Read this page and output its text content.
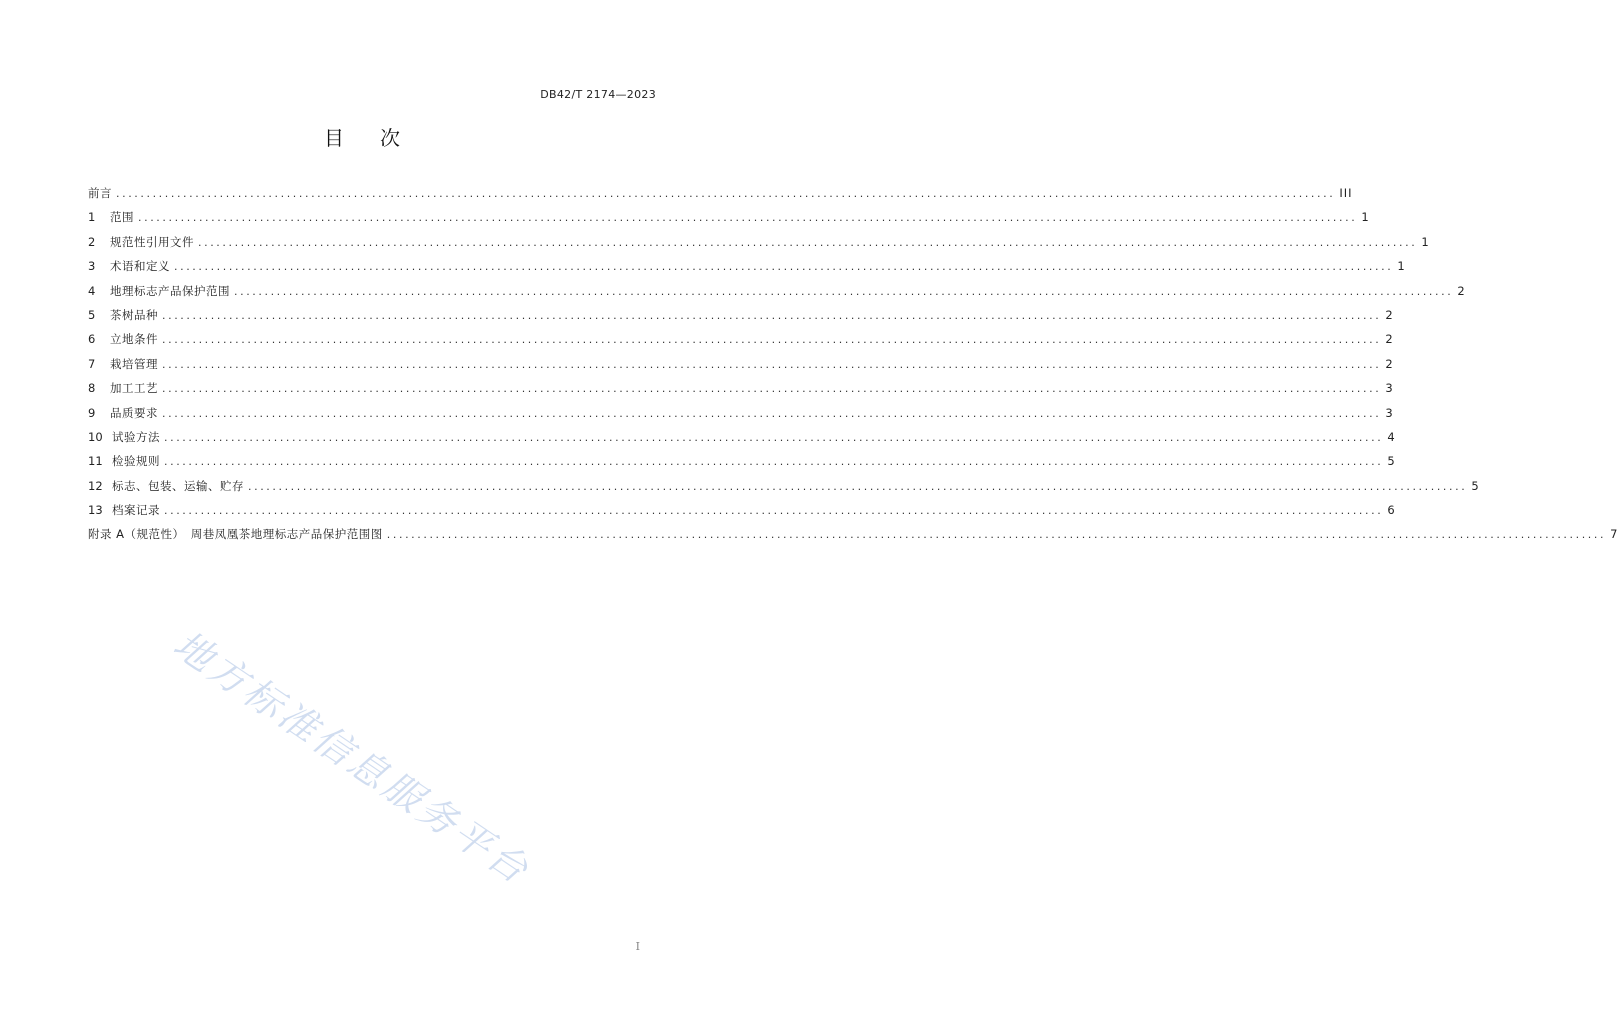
DB42/T 2174—2023
目 次
前言 ........................................................................................................................................................................................................ III
1	范围 ........................................................................................................................................................................................................ 1
2	规范性引用文件 ........................................................................................................................................................................................................ 1
3	术语和定义 ........................................................................................................................................................................................................ 1
4	地理标志产品保护范围 ........................................................................................................................................................................................................ 2
5	茶树品种 ........................................................................................................................................................................................................ 2
6	立地条件 ........................................................................................................................................................................................................ 2
7	栽培管理 ........................................................................................................................................................................................................ 2
8	加工工艺 ........................................................................................................................................................................................................ 3
9	品质要求 ........................................................................................................................................................................................................ 3
10 试验方法 ........................................................................................................................................................................................................ 4
11 检验规则 ........................................................................................................................................................................................................ 5
12 标志、包装、运输、贮存 ........................................................................................................................................................................................................ 5
13 档案记录 ........................................................................................................................................................................................................ 6
附录 A（规范性）　周巷凤凰茶地理标志产品保护范围图 ........................................................................................................................................................................................................ 7
地方标准信息服务平台
I
